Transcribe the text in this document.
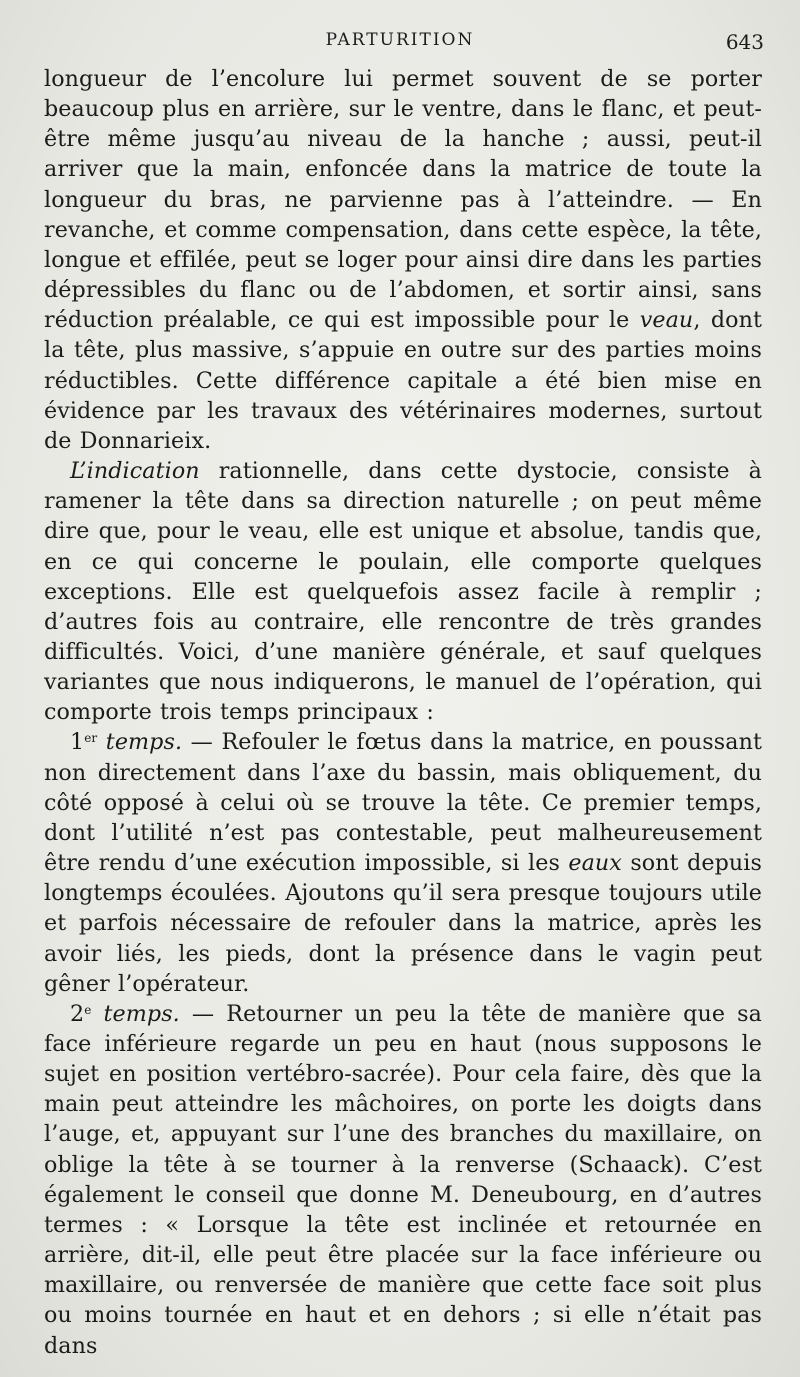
PARTURITION	643

longueur de l’encolure lui permet souvent de se porter beaucoup plus en arrière, sur le ventre, dans le flanc, et peut-être même jusqu’au niveau de la hanche ; aussi, peut-il arriver que la main, enfoncée dans la matrice de toute la longueur du bras, ne parvienne pas à l’atteindre. — En revanche, et comme compensation, dans cette espèce, la tête, longue et effilée, peut se loger pour ainsi dire dans les parties dépressibles du flanc ou de l’abdomen, et sortir ainsi, sans réduction préalable, ce qui est impossible pour le veau, dont la tête, plus massive, s’appuie en outre sur des parties moins réductibles. Cette différence capitale a été bien mise en évidence par les travaux des vétérinaires modernes, surtout de Donnarieix.

L’indication rationnelle, dans cette dystocie, consiste à ramener la tête dans sa direction naturelle ; on peut même dire que, pour le veau, elle est unique et absolue, tandis que, en ce qui concerne le poulain, elle comporte quelques exceptions. Elle est quelquefois assez facile à remplir ; d’autres fois au contraire, elle rencontre de très grandes difficultés. Voici, d’une manière générale, et sauf quelques variantes que nous indiquerons, le manuel de l’opération, qui comporte trois temps principaux :

1er temps. — Refouler le fœtus dans la matrice, en poussant non directement dans l’axe du bassin, mais obliquement, du côté opposé à celui où se trouve la tête. Ce premier temps, dont l’utilité n’est pas contestable, peut malheureusement être rendu d’une exécution impossible, si les eaux sont depuis longtemps écoulées. Ajoutons qu’il sera presque toujours utile et parfois nécessaire de refouler dans la matrice, après les avoir liés, les pieds, dont la présence dans le vagin peut gêner l’opérateur.

2e temps. — Retourner un peu la tête de manière que sa face inférieure regarde un peu en haut (nous supposons le sujet en position vertébro-sacrée). Pour cela faire, dès que la main peut atteindre les mâchoires, on porte les doigts dans l’auge, et, appuyant sur l’une des branches du maxillaire, on oblige la tête à se tourner à la renverse (Schaack). C’est également le conseil que donne M. Deneubourg, en d’autres termes : « Lorsque la tête est inclinée et retournée en arrière, dit-il, elle peut être placée sur la face inférieure ou maxillaire, ou renversée de manière que cette face soit plus ou moins tournée en haut et en dehors ; si elle n’était pas dans
